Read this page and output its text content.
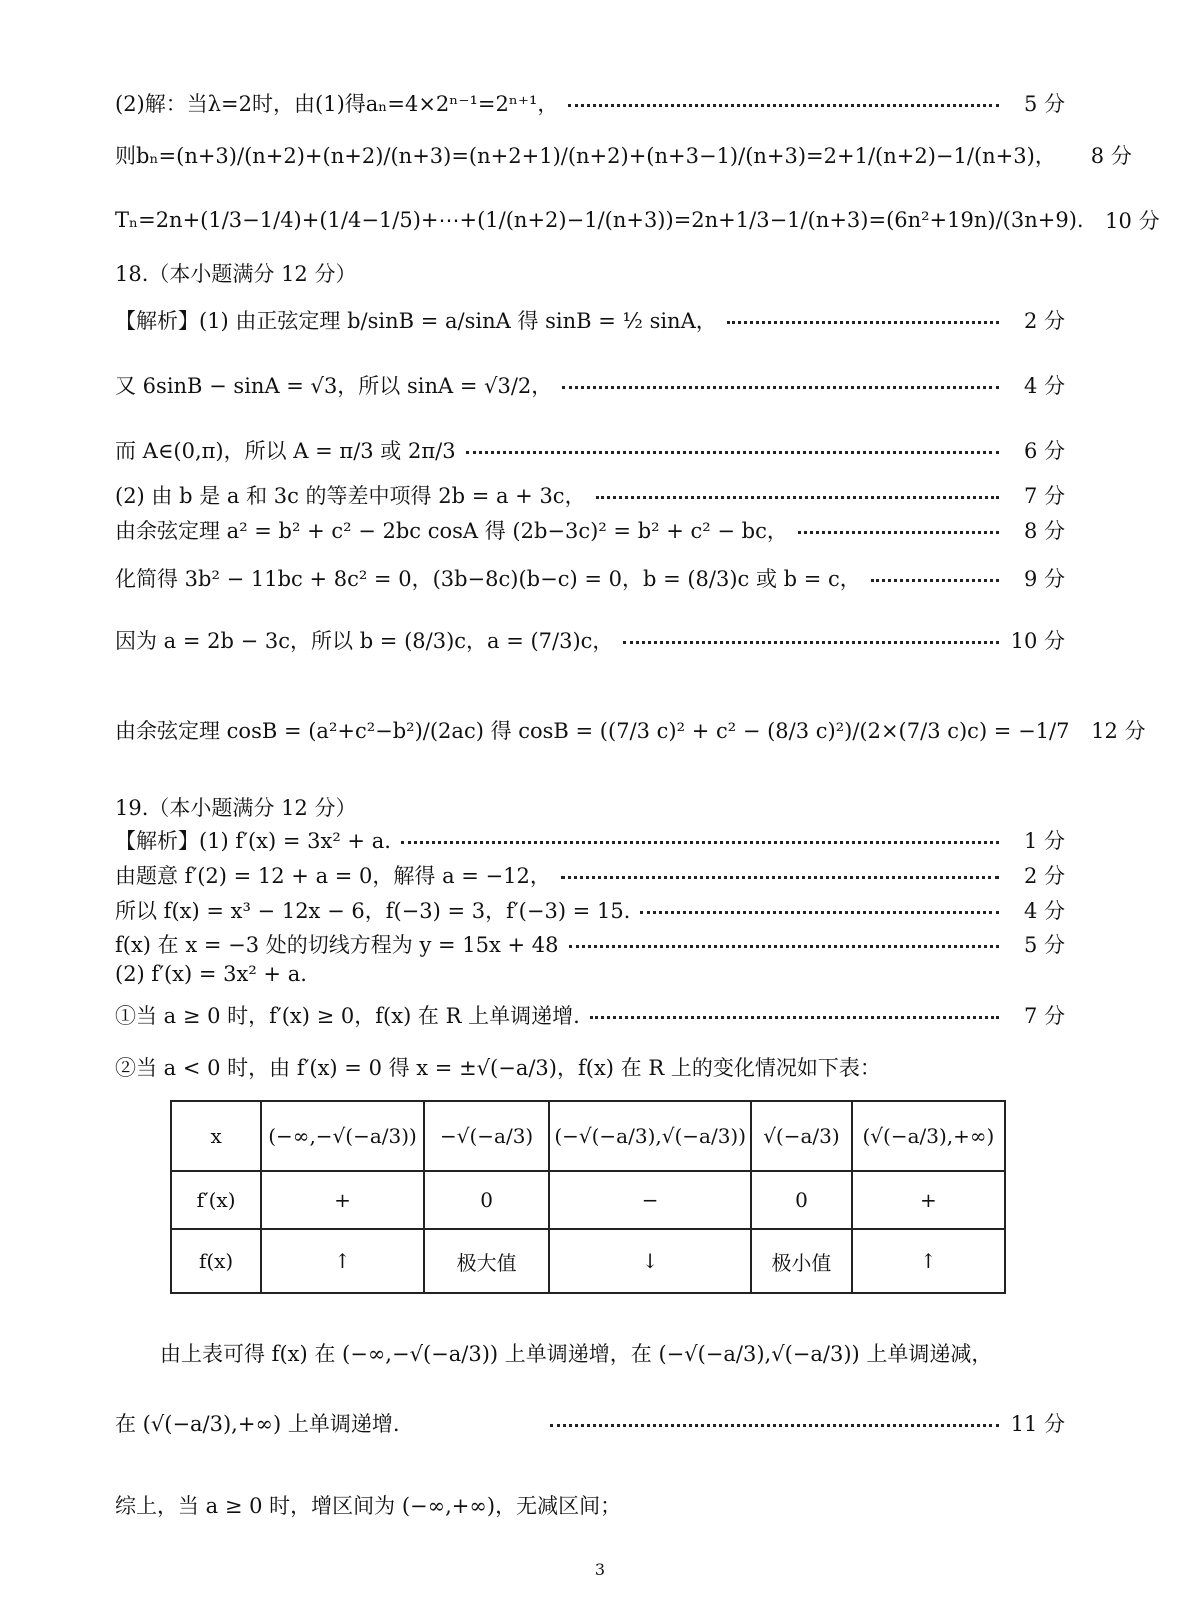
(2)解：当λ=2时，由(1)得aₙ=4×2ⁿ⁻¹=2ⁿ⁺¹，	5 分
则bₙ=(n+3)/(n+2)+(n+2)/(n+3)=(n+2+1)/(n+2)+(n+3−1)/(n+3)=2+1/(n+2)−1/(n+3)，	8 分
Tₙ=2n+(1/3−1/4)+(1/4−1/5)+⋯+(1/(n+2)−1/(n+3))=2n+1/3−1/(n+3)=(6n²+19n)/(3n+9). 10 分
18.（本小题满分 12 分）
【解析】(1) 由正弦定理 b/sinB = a/sinA 得 sinB = ½ sinA，	2 分
又 6sinB − sinA = √3，所以 sinA = √3/2，	4 分
而 A∈(0,π)，所以 A = π/3 或 2π/3	6 分
(2) 由 b 是 a 和 3c 的等差中项得 2b = a + 3c，	7 分
由余弦定理 a² = b² + c² − 2bc cosA 得 (2b−3c)² = b² + c² − bc，	8 分
化简得 3b² − 11bc + 8c² = 0，(3b−8c)(b−c) = 0，b = (8/3)c 或 b = c，	9 分
因为 a = 2b − 3c，所以 b = (8/3)c，a = (7/3)c，	10 分
由余弦定理 cosB = (a²+c²−b²)/(2ac) 得 cosB = ((7/3 c)² + c² − (8/3 c)²)/(2×(7/3 c)c) = −1/7 12 分
19.（本小题满分 12 分）
【解析】(1) f′(x) = 3x² + a.	1 分
由题意 f′(2) = 12 + a = 0，解得 a = −12，	2 分
所以 f(x) = x³ − 12x − 6，f(−3) = 3，f′(−3) = 15.	4 分
f(x) 在 x = −3 处的切线方程为 y = 15x + 48	5 分
(2) f′(x) = 3x² + a.
①当 a ≥ 0 时，f′(x) ≥ 0，f(x) 在 R 上单调递增.	7 分
②当 a < 0 时，由 f′(x) = 0 得 x = ±√(−a/3)，f(x) 在 R 上的变化情况如下表：
x	(−∞,−√(−a/3))	−√(−a/3)	(−√(−a/3),√(−a/3))	√(−a/3)	(√(−a/3),+∞)
f′(x)	+	0	−	0	+
f(x)	↑	极大值	↓	极小值	↑
由上表可得 f(x) 在 (−∞,−√(−a/3)) 上单调递增，在 (−√(−a/3),√(−a/3)) 上单调递减，
在 (√(−a/3),+∞) 上单调递增.	11 分
综上，当 a ≥ 0 时，增区间为 (−∞,+∞)，无减区间；
3
